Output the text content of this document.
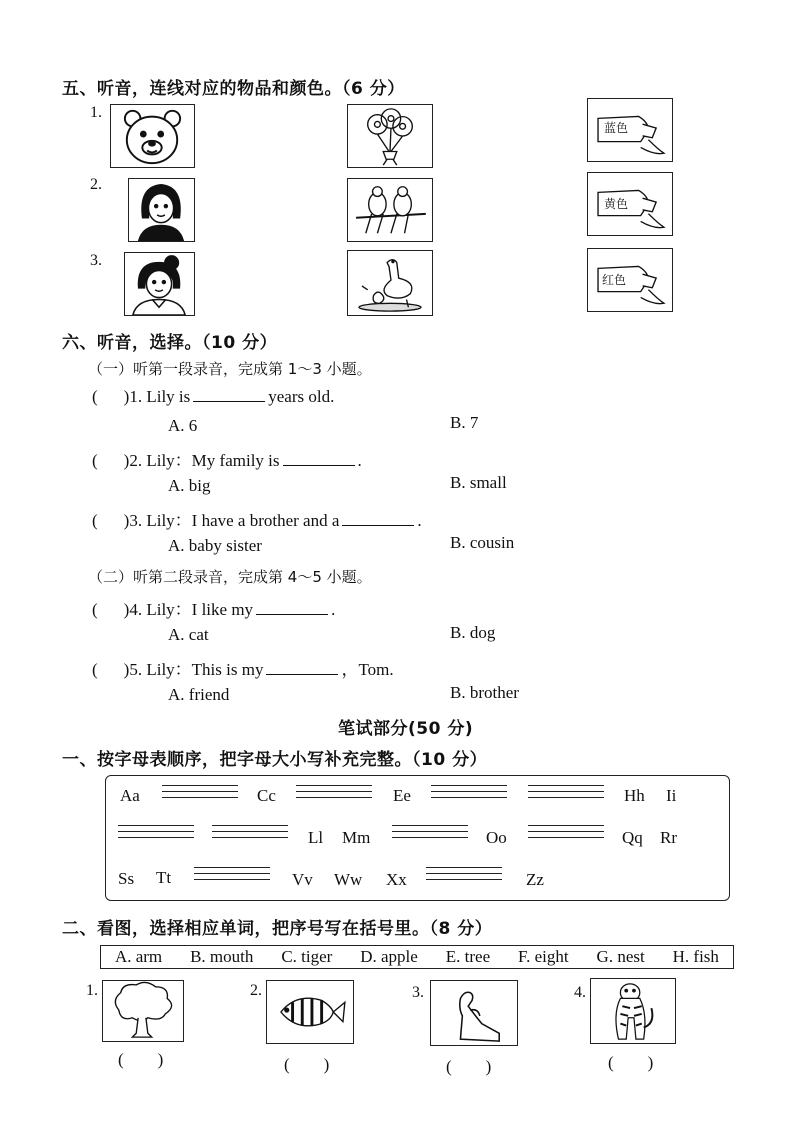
五、听音，连线对应的物品和颜色。（6 分）
1.
2.
3.
蓝色
黄色
红色
六、听音，选择。（10 分）
（一）听第一段录音，完成第 1～3 小题。
( )1. Lily is	years old.
A. 6	B. 7
( )2. Lily：My family is	.
A. big	B. small
( )3. Lily：I have a brother and a	.
A. baby sister	B. cousin
（二）听第二段录音，完成第 4～5 小题。
( )4. Lily：I like my	.
A. cat	B. dog
( )5. Lily：This is my	，Tom.
A. friend	B. brother
笔试部分(50 分)
一、按字母表顺序，把字母大小写补充完整。（10 分）
Aa	Cc	Ee	Hh Ii
Ll Mm	Oo	Qq Rr
Ss Tt	Vv Ww Xx	Zz
二、看图，选择相应单词，把序号写在括号里。（8 分）
A. arm B. mouth C. tiger D. apple E. tree F. eight G. nest H. fish
1.
(　　)
2.
(　　)
3.
(　　)
4.
(　　)
